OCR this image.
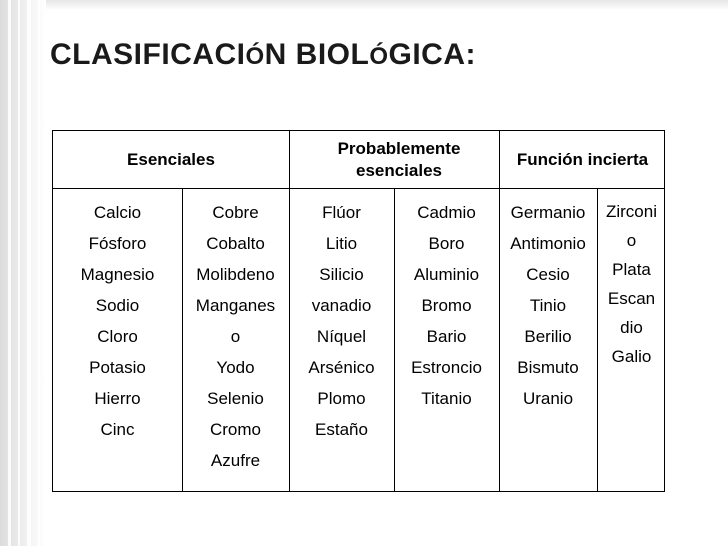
CLASIFICACIÓN BIOLÓGICA:
Esenciales
Probablemente esenciales
Función incierta
Calcio
Fósforo
Magnesio
Sodio
Cloro
Potasio
Hierro
Cinc
Cobre
Cobalto
Molibdeno
Manganes
o
Yodo
Selenio
Cromo
Azufre
Flúor
Litio
Silicio
vanadio
Níquel
Arsénico
Plomo
Estaño
Cadmio
Boro
Aluminio
Bromo
Bario
Estroncio
Titanio
Germanio
Antimonio
Cesio
Tinio
Berilio
Bismuto
Uranio
Zirconi
o
Plata
Escan
dio
Galio
